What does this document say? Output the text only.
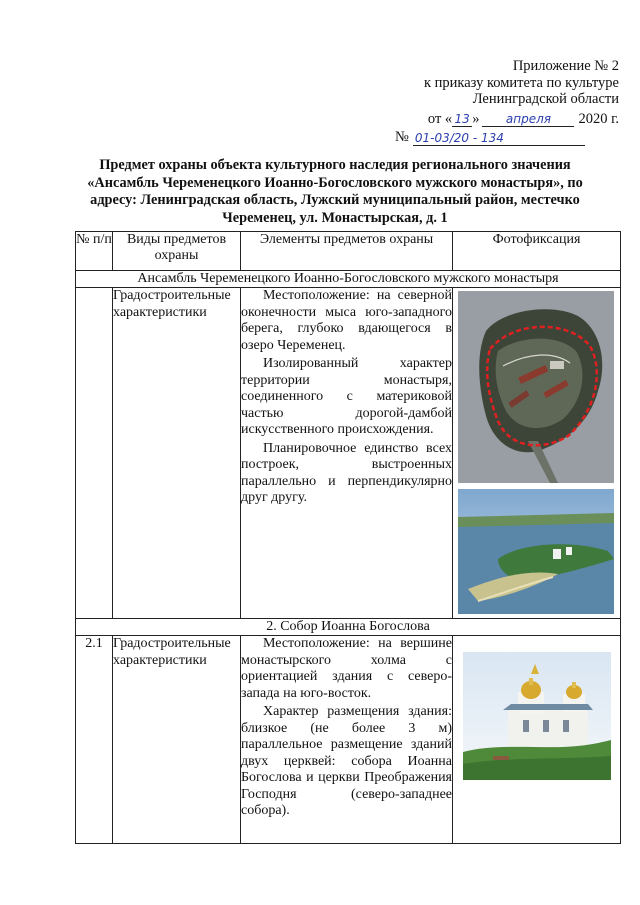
Приложение № 2
к приказу комитета по культуре
Ленинградской области
от « 13 »	апреля	2020 г.
№ 01-03/20 - 134
Предмет охраны объекта культурного наследия регионального значения «Ансамбль Череменецкого Иоанно-Богословского мужского монастыря», по адресу: Ленинградская область, Лужский муниципальный район, местечко Череменец, ул. Монастырская, д. 1
№ п/п	Виды предметов охраны	Элементы предметов охраны	Фотофиксация
Ансамбль Череменецкого Иоанно-Богословского мужского монастыря			
	Градостроительные характеристики	Местоположение: на северной оконечности мыса юго-западного берега, глубоко вдающегося в озеро Череменец.

Изолированный характер территории монастыря, соединенного с материковой частью дорогой-дамбой искусственного происхождения.

Планировочное единство всех построек, выстроенных параллельно и перпендикулярно друг другу.

2. Собор Иоанна Богослова			
2.1	Градостроительные характеристики	Местоположение: на вершине монастырского холма с ориентацией здания с северо-запада на юго-восток.

Характер размещения здания: близкое (не более 3 м) параллельное размещение зданий двух церквей: собора Иоанна Богослова и церкви Преображения Господня (северо-западнее собора).
